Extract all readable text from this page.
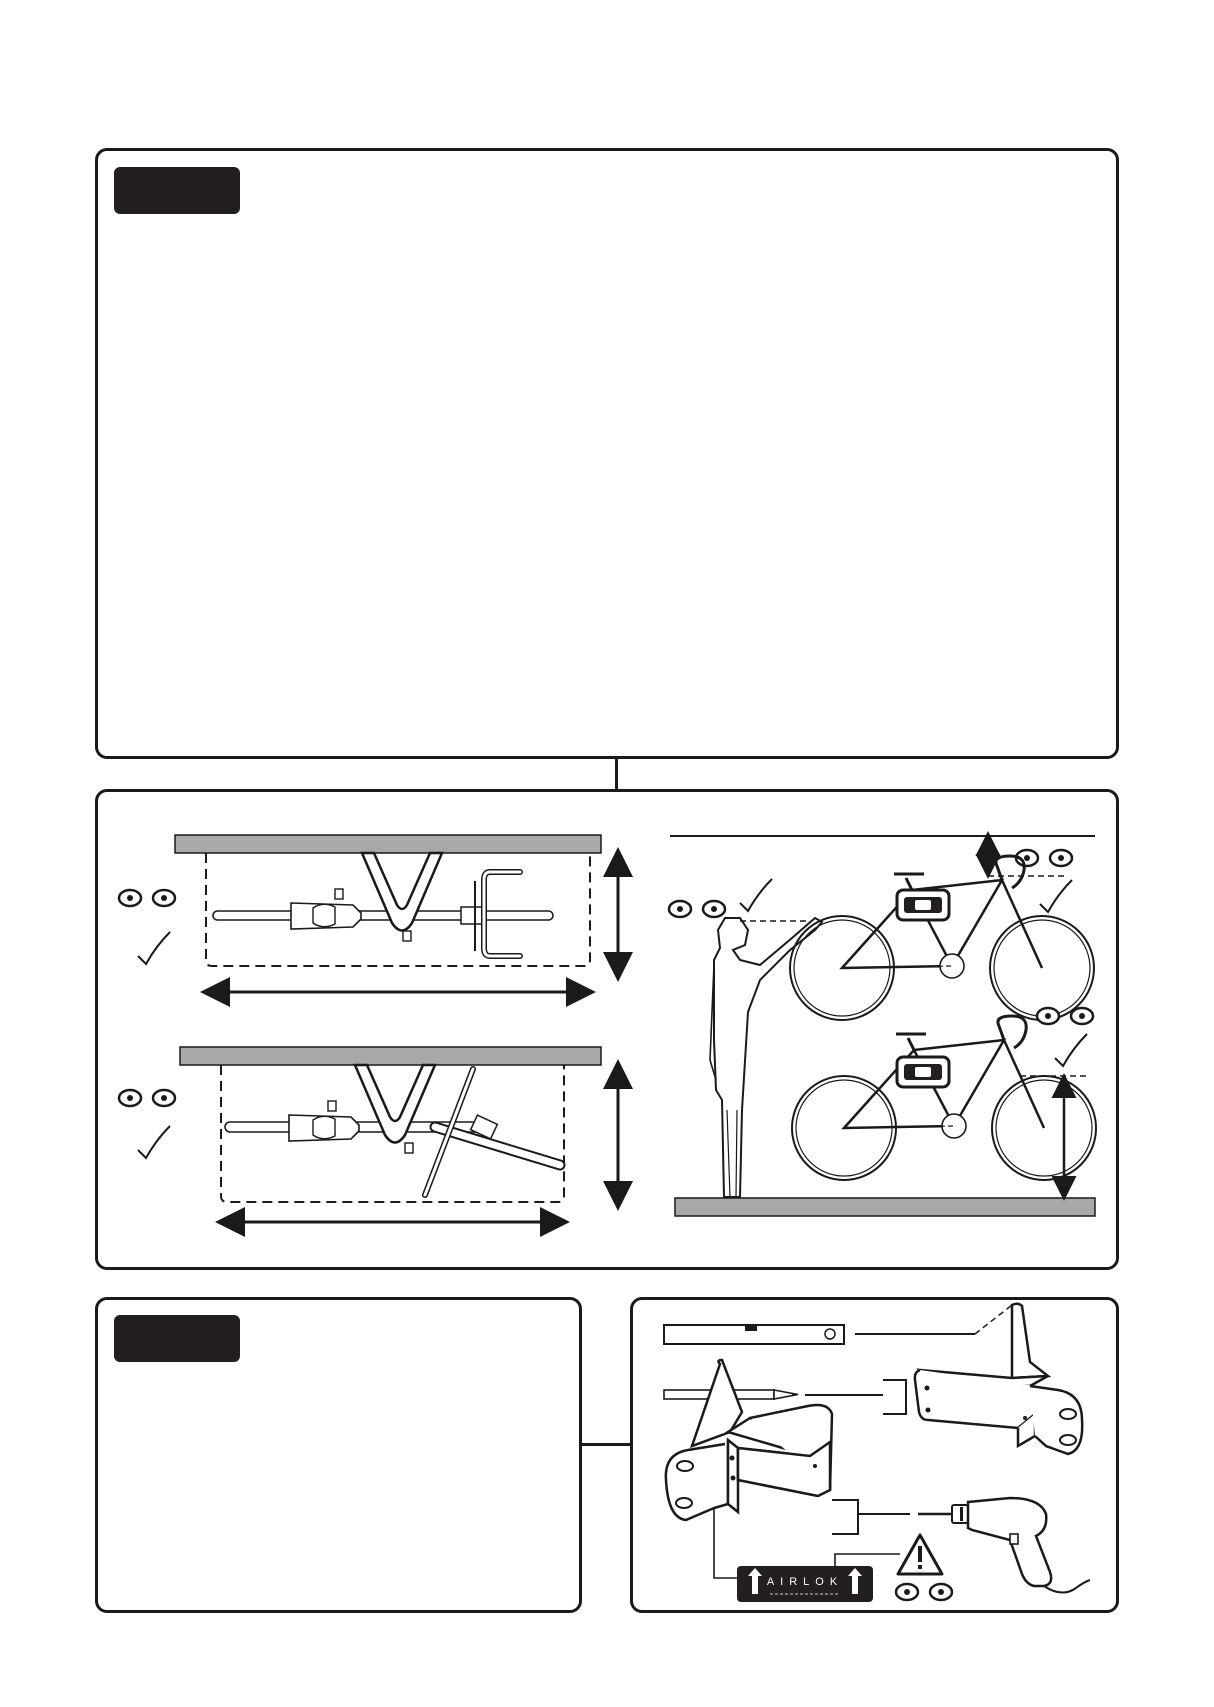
AIRLOK
